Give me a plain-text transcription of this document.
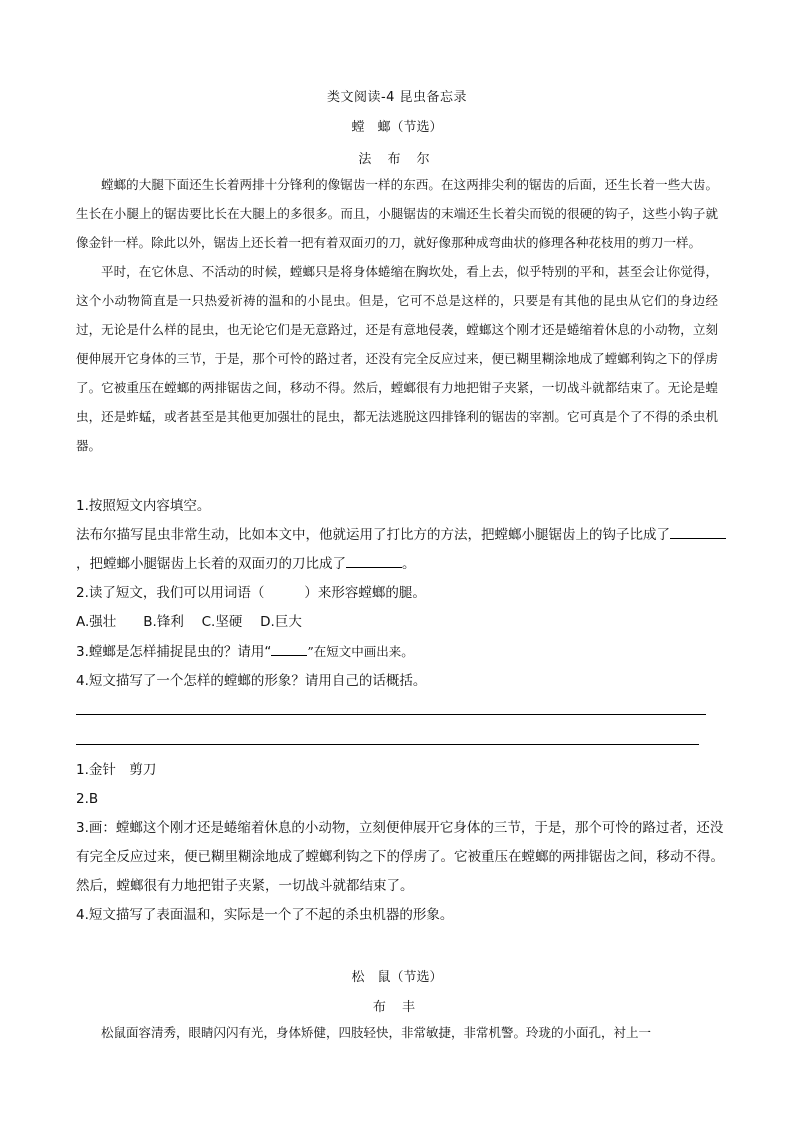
类文阅读-4 昆虫备忘录
螳　螂（节选）
法 布 尔

螳螂的大腿下面还生长着两排十分锋利的像锯齿一样的东西。在这两排尖利的锯齿的后面，还生长着一些大齿。生长在小腿上的锯齿要比长在大腿上的多很多。而且，小腿锯齿的末端还生长着尖而锐的很硬的钩子，这些小钩子就像金针一样。除此以外，锯齿上还长着一把有着双面刃的刀，就好像那种成弯曲状的修理各种花枝用的剪刀一样。

平时，在它休息、不活动的时候，螳螂只是将身体蜷缩在胸坎处，看上去，似乎特别的平和，甚至会让你觉得，这个小动物简直是一只热爱祈祷的温和的小昆虫。但是，它可不总是这样的，只要是有其他的昆虫从它们的身边经过，无论是什么样的昆虫，也无论它们是无意路过，还是有意地侵袭，螳螂这个刚才还是蜷缩着休息的小动物，立刻便伸展开它身体的三节，于是，那个可怜的路过者，还没有完全反应过来，便已糊里糊涂地成了螳螂利钩之下的俘虏了。它被重压在螳螂的两排锯齿之间，移动不得。然后，螳螂很有力地把钳子夹紧，一切战斗就都结束了。无论是蝗虫，还是蚱蜢，或者甚至是其他更加强壮的昆虫，都无法逃脱这四排锋利的锯齿的宰割。它可真是个了不得的杀虫机器。

1.按照短文内容填空。

法布尔描写昆虫非常生动，比如本文中，他就运用了打比方的方法，把螳螂小腿锯齿上的钩子比成了，把螳螂小腿锯齿上长着的双面刃的刀比成了	。

2.读了短文，我们可以用词语（	）来形容螳螂的腿。

A.强壮　　B.锋利　 C.坚硬　 D.巨大

3.螳螂是怎样捕捉昆虫的？请用“	”在短文中画出来。

4.短文描写了一个怎样的螳螂的形象？请用自己的话概括。

1.金针　剪刀

2.B

3.画：螳螂这个刚才还是蜷缩着休息的小动物，立刻便伸展开它身体的三节，于是，那个可怜的路过者，还没有完全反应过来，便已糊里糊涂地成了螳螂利钩之下的俘虏了。它被重压在螳螂的两排锯齿之间，移动不得。然后，螳螂很有力地把钳子夹紧，一切战斗就都结束了。

4.短文描写了表面温和，实际是一个了不起的杀虫机器的形象。

松　鼠（节选）
布 丰

松鼠面容清秀，眼睛闪闪有光，身体矫健，四肢轻快，非常敏捷，非常机警。玲珑的小面孔，衬上一
